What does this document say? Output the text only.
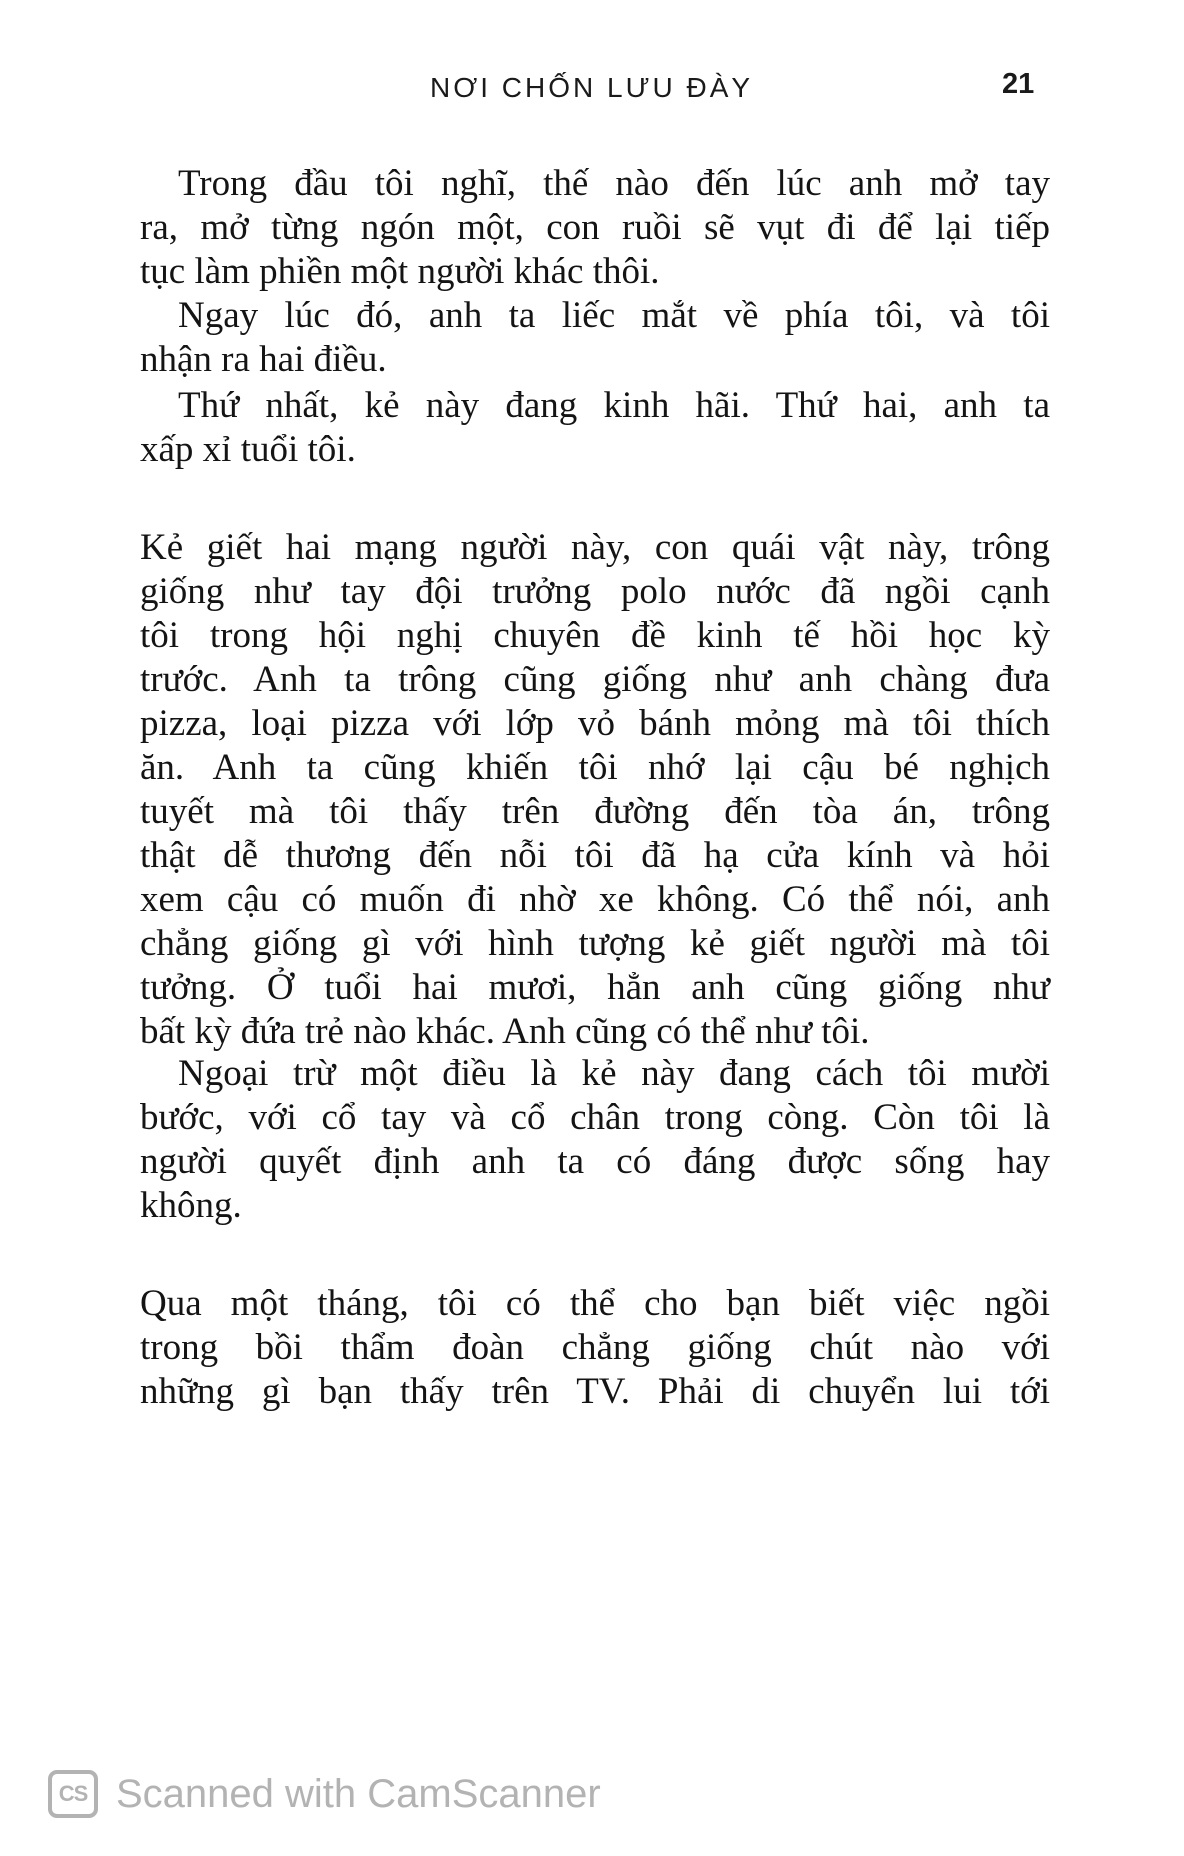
NƠI CHỐN LƯU ĐÀY	21
Trong đầu tôi nghĩ, thế nào đến lúc anh mở tay
ra, mở từng ngón một, con ruồi sẽ vụt đi để lại tiếp
tục làm phiền một người khác thôi.
Ngay lúc đó, anh ta liếc mắt về phía tôi, và tôi
nhận ra hai điều.
Thứ nhất, kẻ này đang kinh hãi. Thứ hai, anh ta
xấp xỉ tuổi tôi.
Kẻ giết hai mạng người này, con quái vật này, trông
giống như tay đội trưởng polo nước đã ngồi cạnh
tôi trong hội nghị chuyên đề kinh tế hồi học kỳ
trước. Anh ta trông cũng giống như anh chàng đưa
pizza, loại pizza với lớp vỏ bánh mỏng mà tôi thích
ăn. Anh ta cũng khiến tôi nhớ lại cậu bé nghịch
tuyết mà tôi thấy trên đường đến tòa án, trông
thật dễ thương đến nỗi tôi đã hạ cửa kính và hỏi
xem cậu có muốn đi nhờ xe không. Có thể nói, anh
chẳng giống gì với hình tượng kẻ giết người mà tôi
tưởng. Ở tuổi hai mươi, hẳn anh cũng giống như
bất kỳ đứa trẻ nào khác. Anh cũng có thể như tôi.
Ngoại trừ một điều là kẻ này đang cách tôi mười
bước, với cổ tay và cổ chân trong còng. Còn tôi là
người quyết định anh ta có đáng được sống hay
không.
Qua một tháng, tôi có thể cho bạn biết việc ngồi
trong bồi thẩm đoàn chẳng giống chút nào với
những gì bạn thấy trên TV. Phải di chuyển lui tới
CS Scanned with CamScanner
